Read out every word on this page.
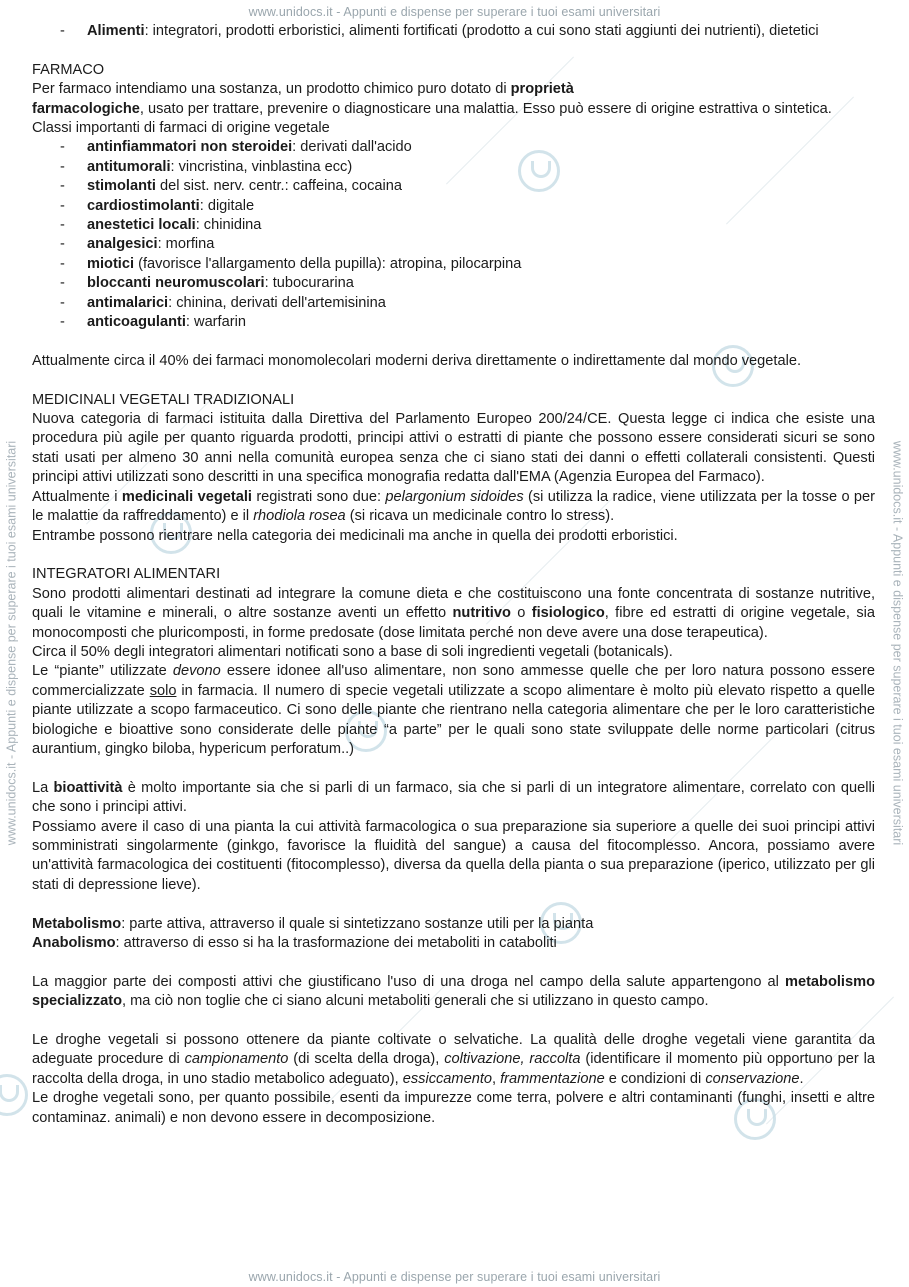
www.unidocs.it - Appunti e dispense per superare i tuoi esami universitari
www.unidocs.it - Appunti e dispense per superare i tuoi esami universitari
www.unidocs.it - Appunti e dispense per superare i tuoi esami universitari	www.unidocs.it - Appunti e dispense per superare i tuoi esami universitari
- Alimenti: integratori, prodotti erboristici, alimenti fortificati (prodotto a cui sono stati aggiunti dei nutrienti), dietetici

FARMACO

Per farmaco intendiamo una sostanza, un prodotto chimico puro dotato di proprietà

farmacologiche, usato per trattare, prevenire o diagnosticare una malattia. Esso può essere di origine estrattiva o sintetica.

Classi importanti di farmaci di origine vegetale

- antinfiammatori non steroidei: derivati dall'acido
- antitumorali: vincristina, vinblastina ecc)
- stimolanti del sist. nerv. centr.: caffeina, cocaina
- cardiostimolanti: digitale
- anestetici locali: chinidina
- analgesici: morfina
- miotici (favorisce l'allargamento della pupilla): atropina, pilocarpina
- bloccanti neuromuscolari: tubocurarina
- antimalarici: chinina, derivati dell'artemisinina
- anticoagulanti: warfarin

Attualmente circa il 40% dei farmaci monomolecolari moderni deriva direttamente o indirettamente dal mondo vegetale.

MEDICINALI VEGETALI TRADIZIONALI

Nuova categoria di farmaci istituita dalla Direttiva del Parlamento Europeo 200/24/CE. Questa legge ci indica che esiste una procedura più agile per quanto riguarda prodotti, principi attivi o estratti di piante che possono essere considerati sicuri se sono stati usati per almeno 30 anni nella comunità europea senza che ci siano stati dei danni o effetti collaterali consistenti. Questi principi attivi utilizzati sono descritti in una specifica monografia redatta dall'EMA (Agenzia Europea del Farmaco).

Attualmente i medicinali vegetali registrati sono due: pelargonium sidoides (si utilizza la radice, viene utilizzata per la tosse o per le malattie da raffreddamento) e il rhodiola rosea (si ricava un medicinale contro lo stress).

Entrambe possono rientrare nella categoria dei medicinali ma anche in quella dei prodotti erboristici.

INTEGRATORI ALIMENTARI

Sono prodotti alimentari destinati ad integrare la comune dieta e che costituiscono una fonte concentrata di sostanze nutritive, quali le vitamine e minerali, o altre sostanze aventi un effetto nutritivo o fisiologico, fibre ed estratti di origine vegetale, sia monocomposti che pluricomposti, in forme predosate (dose limitata perché non deve avere una dose terapeutica).

Circa il 50% degli integratori alimentari notificati sono a base di soli ingredienti vegetali (botanicals).

Le “piante” utilizzate devono essere idonee all'uso alimentare, non sono ammesse quelle che per loro natura possono essere commercializzate solo in farmacia. Il numero di specie vegetali utilizzate a scopo alimentare è molto più elevato rispetto a quelle piante utilizzate a scopo farmaceutico. Ci sono delle piante che rientrano nella categoria alimentare che per le loro caratteristiche biologiche e bioattive sono considerate delle piante “a parte” per le quali sono state sviluppate delle norme particolari (citrus aurantium, gingko biloba, hypericum perforatum..)

La bioattività è molto importante sia che si parli di un farmaco, sia che si parli di un integratore alimentare, correlato con quelli che sono i principi attivi.

Possiamo avere il caso di una pianta la cui attività farmacologica o sua preparazione sia superiore a quelle dei suoi principi attivi somministrati singolarmente (ginkgo, favorisce la fluidità del sangue) a causa del fitocomplesso. Ancora, possiamo avere un'attività farmacologica dei costituenti (fitocomplesso), diversa da quella della pianta o sua preparazione (iperico, utilizzato per gli stati di depressione lieve).

Metabolismo: parte attiva, attraverso il quale si sintetizzano sostanze utili per la pianta

Anabolismo: attraverso di esso si ha la trasformazione dei metaboliti in cataboliti

La maggior parte dei composti attivi che giustificano l'uso di una droga nel campo della salute appartengono al metabolismo specializzato, ma ciò non toglie che ci siano alcuni metaboliti generali che si utilizzano in questo campo.

Le droghe vegetali si possono ottenere da piante coltivate o selvatiche. La qualità delle droghe vegetali viene garantita da adeguate procedure di campionamento (di scelta della droga), coltivazione, raccolta (identificare il momento più opportuno per la raccolta della droga, in uno stadio metabolico adeguato), essiccamento, frammentazione e condizioni di conservazione.

Le droghe vegetali sono, per quanto possibile, esenti da impurezze come terra, polvere e altri contaminanti (funghi, insetti e altre contaminaz. animali) e non devono essere in decomposizione.
